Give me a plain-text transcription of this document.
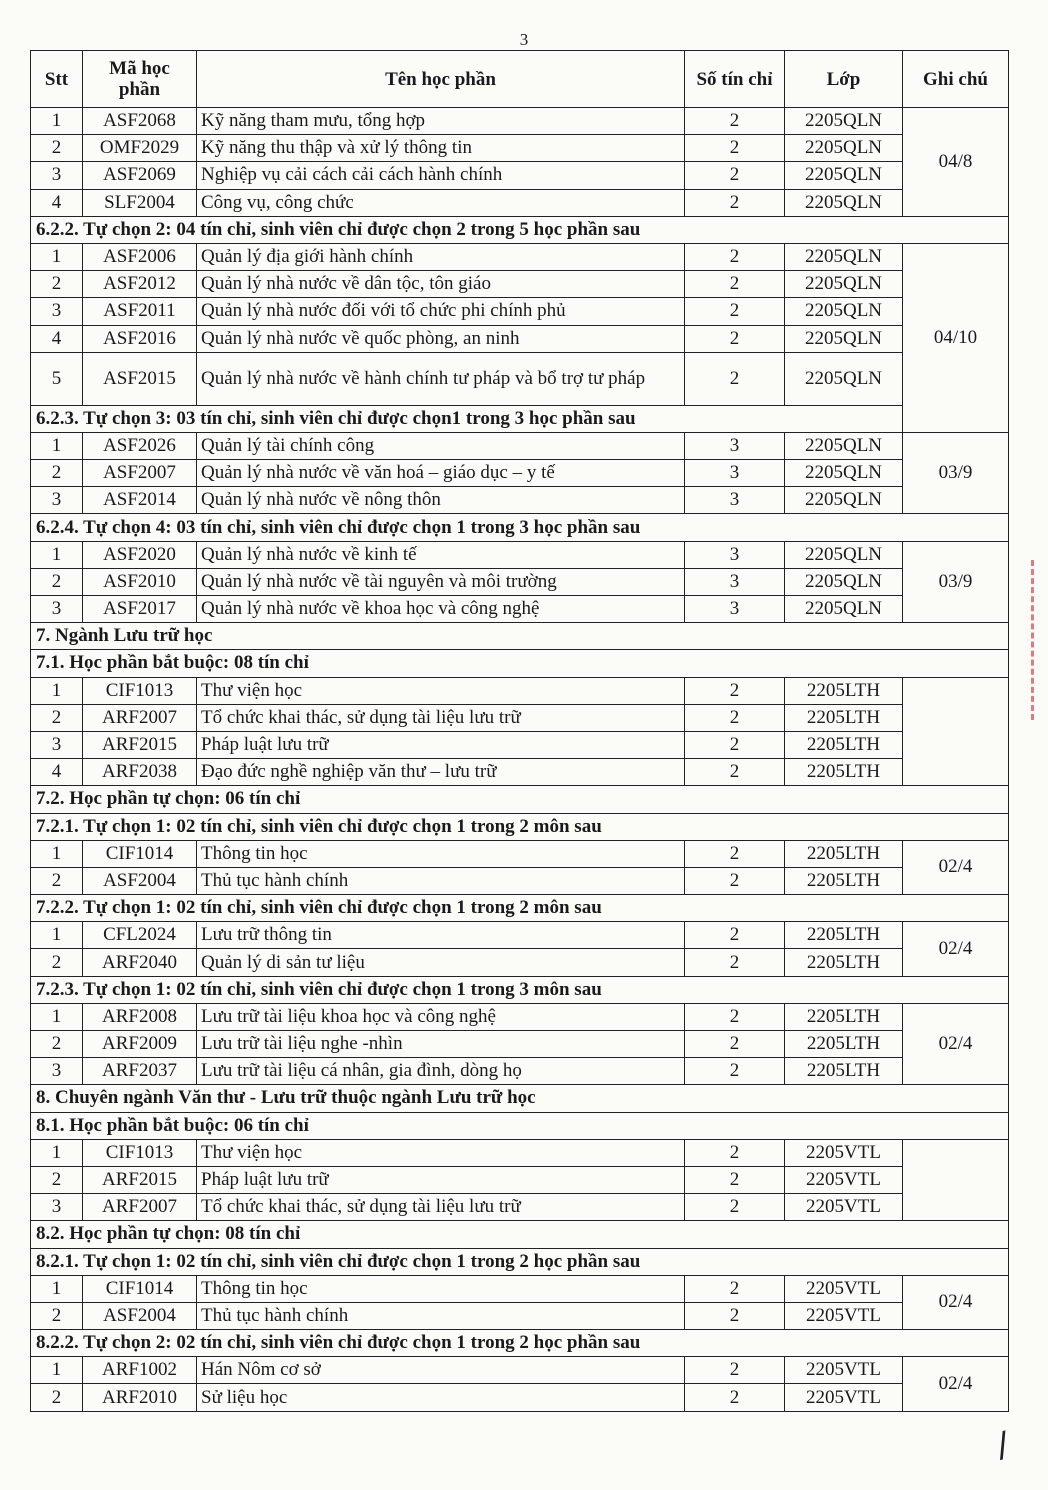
3
Stt	Mã học phần	Tên học phần	Số tín chỉ	Lớp	Ghi chú
1	ASF2068	Kỹ năng tham mưu, tổng hợp	2	2205QLN	04/8
2	OMF2029	Kỹ năng thu thập và xử lý thông tin	2	2205QLN	
3	ASF2069	Nghiệp vụ cải cách cải cách hành chính	2	2205QLN	
4	SLF2004	Công vụ, công chức	2	2205QLN	
6.2.2. Tự chọn 2: 04 tín chỉ, sinh viên chỉ được chọn 2 trong 5 học phần sau					
1	ASF2006	Quản lý địa giới hành chính	2	2205QLN	04/10
2	ASF2012	Quản lý nhà nước về dân tộc, tôn giáo	2	2205QLN	
3	ASF2011	Quản lý nhà nước đối với tổ chức phi chính phủ	2	2205QLN	
4	ASF2016	Quản lý nhà nước về quốc phòng, an ninh	2	2205QLN	
5	ASF2015	Quản lý nhà nước về hành chính tư pháp và bổ trợ tư pháp	2	2205QLN	
6.2.3. Tự chọn 3: 03 tín chỉ, sinh viên chỉ được chọn1 trong 3 học phần sau					
1	ASF2026	Quản lý tài chính công	3	2205QLN	03/9
2	ASF2007	Quản lý nhà nước về văn hoá – giáo dục – y tế	3	2205QLN	
3	ASF2014	Quản lý nhà nước về nông thôn	3	2205QLN	
6.2.4. Tự chọn 4: 03 tín chỉ, sinh viên chỉ được chọn 1 trong 3 học phần sau					
1	ASF2020	Quản lý nhà nước về kinh tế	3	2205QLN	03/9
2	ASF2010	Quản lý nhà nước về tài nguyên và môi trường	3	2205QLN	
3	ASF2017	Quản lý nhà nước về khoa học và công nghệ	3	2205QLN	
7. Ngành Lưu trữ học					
7.1. Học phần bắt buộc: 08 tín chỉ					
1	CIF1013	Thư viện học	2	2205LTH	
2	ARF2007	Tổ chức khai thác, sử dụng tài liệu lưu trữ	2	2205LTH	
3	ARF2015	Pháp luật lưu trữ	2	2205LTH	
4	ARF2038	Đạo đức nghề nghiệp văn thư – lưu trữ	2	2205LTH	
7.2. Học phần tự chọn: 06 tín chỉ					
7.2.1. Tự chọn 1: 02 tín chỉ, sinh viên chỉ được chọn 1 trong 2 môn sau					
1	CIF1014	Thông tin học	2	2205LTH	02/4
2	ASF2004	Thủ tục hành chính	2	2205LTH	
7.2.2. Tự chọn 1: 02 tín chỉ, sinh viên chỉ được chọn 1 trong 2 môn sau					
1	CFL2024	Lưu trữ thông tin	2	2205LTH	02/4
2	ARF2040	Quản lý di sản tư liệu	2	2205LTH	
7.2.3. Tự chọn 1: 02 tín chỉ, sinh viên chỉ được chọn 1 trong 3 môn sau					
1	ARF2008	Lưu trữ tài liệu khoa học và công nghệ	2	2205LTH	02/4
2	ARF2009	Lưu trữ tài liệu nghe -nhìn	2	2205LTH	
3	ARF2037	Lưu trữ tài liệu cá nhân, gia đình, dòng họ	2	2205LTH	
8. Chuyên ngành Văn thư - Lưu trữ thuộc ngành Lưu trữ học					
8.1. Học phần bắt buộc: 06 tín chỉ					
1	CIF1013	Thư viện học	2	2205VTL	
2	ARF2015	Pháp luật lưu trữ	2	2205VTL	
3	ARF2007	Tổ chức khai thác, sử dụng tài liệu lưu trữ	2	2205VTL	
8.2. Học phần tự chọn: 08 tín chỉ					
8.2.1. Tự chọn 1: 02 tín chỉ, sinh viên chỉ được chọn 1 trong 2 học phần sau					
1	CIF1014	Thông tin học	2	2205VTL	02/4
2	ASF2004	Thủ tục hành chính	2	2205VTL	
8.2.2. Tự chọn 2: 02 tín chỉ, sinh viên chỉ được chọn 1 trong 2 học phần sau					
1	ARF1002	Hán Nôm cơ sở	2	2205VTL	02/4
2	ARF2010	Sử liệu học	2	2205VTL	
∕
